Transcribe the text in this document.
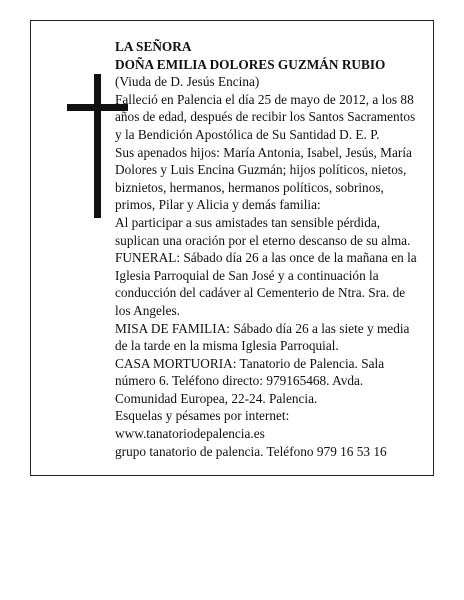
LA SEÑORA

DOÑA EMILIA DOLORES GUZMÁN RUBIO

(Viuda de D. Jesús Encina)

Falleció en Palencia el día 25 de mayo de 2012, a los 88 años de edad, después de recibir los Santos Sacramentos y la Bendición Apostólica de Su Santidad D. E. P.

Sus apenados hijos: María Antonia, Isabel, Jesús, María Dolores y Luis Encina Guzmán; hijos políticos, nietos, biznietos, hermanos, hermanos políticos, sobrinos, primos, Pilar y Alicia y demás familia:

Al participar a sus amistades tan sensible pérdida, suplican una oración por el eterno descanso de su alma.

FUNERAL: Sábado día 26 a las once de la mañana en la Iglesia Parroquial de San José y a continuación la conducción del cadáver al Cementerio de Ntra. Sra. de los Angeles.

MISA DE FAMILIA: Sábado día 26 a las siete y media de la tarde en la misma Iglesia Parroquial.

CASA MORTUORIA: Tanatorio de Palencia. Sala número 6. Teléfono directo: 979165468. Avda. Comunidad Europea, 22-24. Palencia.

Esquelas y pésames por internet:

www.tanatoriodepalencia.es

grupo tanatorio de palencia. Teléfono 979 16 53 16
